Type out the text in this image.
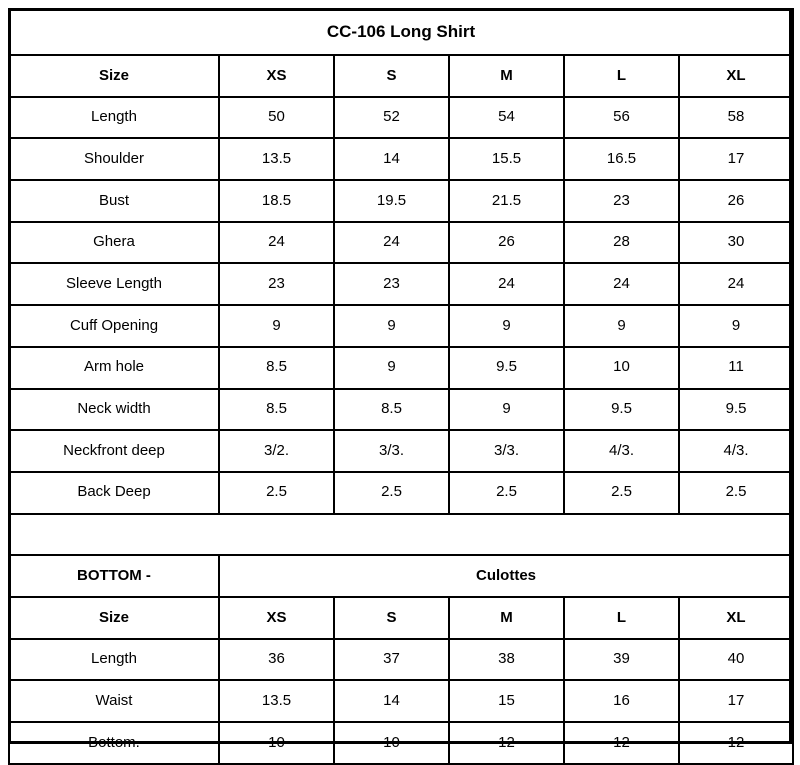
CC-106 Long Shirt					
Size	XS	S	M	L	XL
Length	50	52	54	56	58
Shoulder	13.5	14	15.5	16.5	17
Bust	18.5	19.5	21.5	23	26
Ghera	24	24	26	28	30
Sleeve Length	23	23	24	24	24
Cuff Opening	9	9	9	9	9
Arm hole	8.5	9	9.5	10	11
Neck width	8.5	8.5	9	9.5	9.5
Neckfront deep	3/2.	3/3.	3/3.	4/3.	4/3.
Back Deep	2.5	2.5	2.5	2.5	2.5

BOTTOM -	Culottes				
Size	XS	S	M	L	XL
Length	36	37	38	39	40
Waist	13.5	14	15	16	17
Bottom.	10	10	12	12	12
